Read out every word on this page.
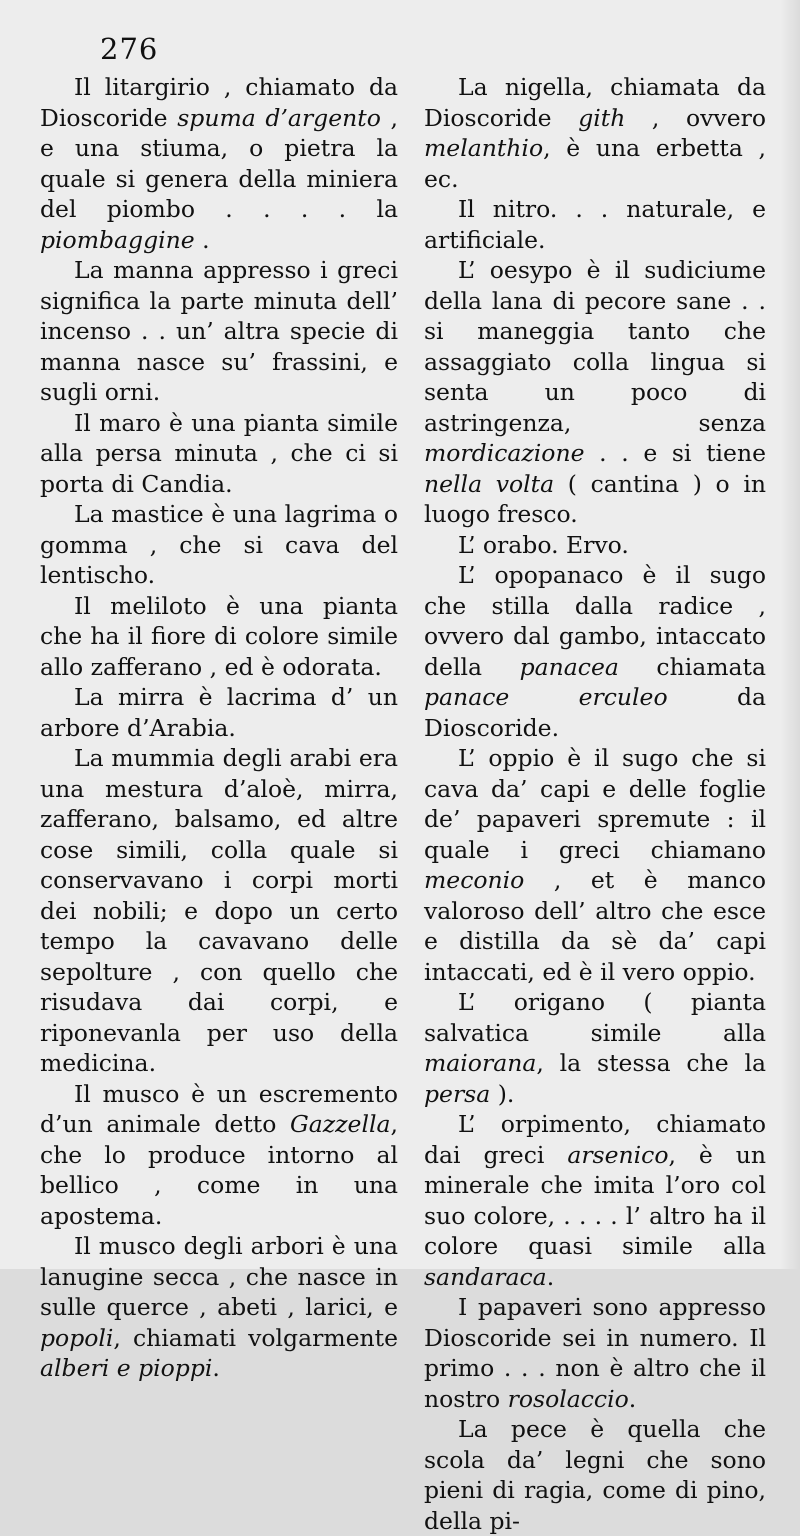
276

Il litargirio , chiamato da Dioscoride spuma d’argento , e una stiuma, o pietra la quale si genera della miniera del piombo . . . . la piombaggine .

La manna appresso i greci significa la parte minuta dell’ incenso . . un’ altra specie di manna nasce su’ frassini, e sugli orni.

Il maro è una pianta simile alla persa minuta , che ci si porta di Candia.

La mastice è una lagrima o gomma , che si cava del lentischo.

Il meliloto è una pianta che ha il fiore di colore simile allo zafferano , ed è odorata.

La mirra è lacrima d’ un arbore d’Arabia.

La mummia degli arabi era una mestura d’aloè, mirra, zafferano, balsamo, ed altre cose simili, colla quale si conservavano i corpi morti dei nobili; e dopo un certo tempo la cavavano delle sepolture , con quello che risudava dai corpi, e riponevanla per uso della medicina.

Il musco è un escremento d’un animale detto Gazzella, che lo produce intorno al bellico , come in una apostema.

Il musco degli arbori è una lanugine secca , che nasce in sulle querce , abeti , larici, e popoli, chiamati volgarmente alberi e pioppi.

La nigella, chiamata da Dioscoride gith , ovvero melanthio, è una erbetta , ec.

Il nitro. . . naturale, e artificiale.

L’ oesypo è il sudiciume della lana di pecore sane . . si maneggia tanto che assaggiato colla lingua si senta un poco di astringenza, senza mordicazione . . e si tiene nella volta ( cantina ) o in luogo fresco.

L’ orabo. Ervo.

L’ opopanaco è il sugo che stilla dalla radice , ovvero dal gambo, intaccato della panacea chiamata panace erculeo da Dioscoride.

L’ oppio è il sugo che si cava da’ capi e delle foglie de’ papaveri spremute : il quale i greci chiamano meconio , et è manco valoroso dell’ altro che esce e distilla da sè da’ capi intaccati, ed è il vero oppio.

L’ origano ( pianta salvatica simile alla maiorana, la stessa che la persa ).

L’ orpimento, chiamato dai greci arsenico, è un minerale che imita l’oro col suo colore, . . . . l’ altro ha il colore quasi simile alla sandaraca.

I papaveri sono appresso Dioscoride sei in numero. Il primo . . . non è altro che il nostro rosolaccio.

La pece è quella che scola da’ legni che sono pieni di ragia, come di pino, della pi-
